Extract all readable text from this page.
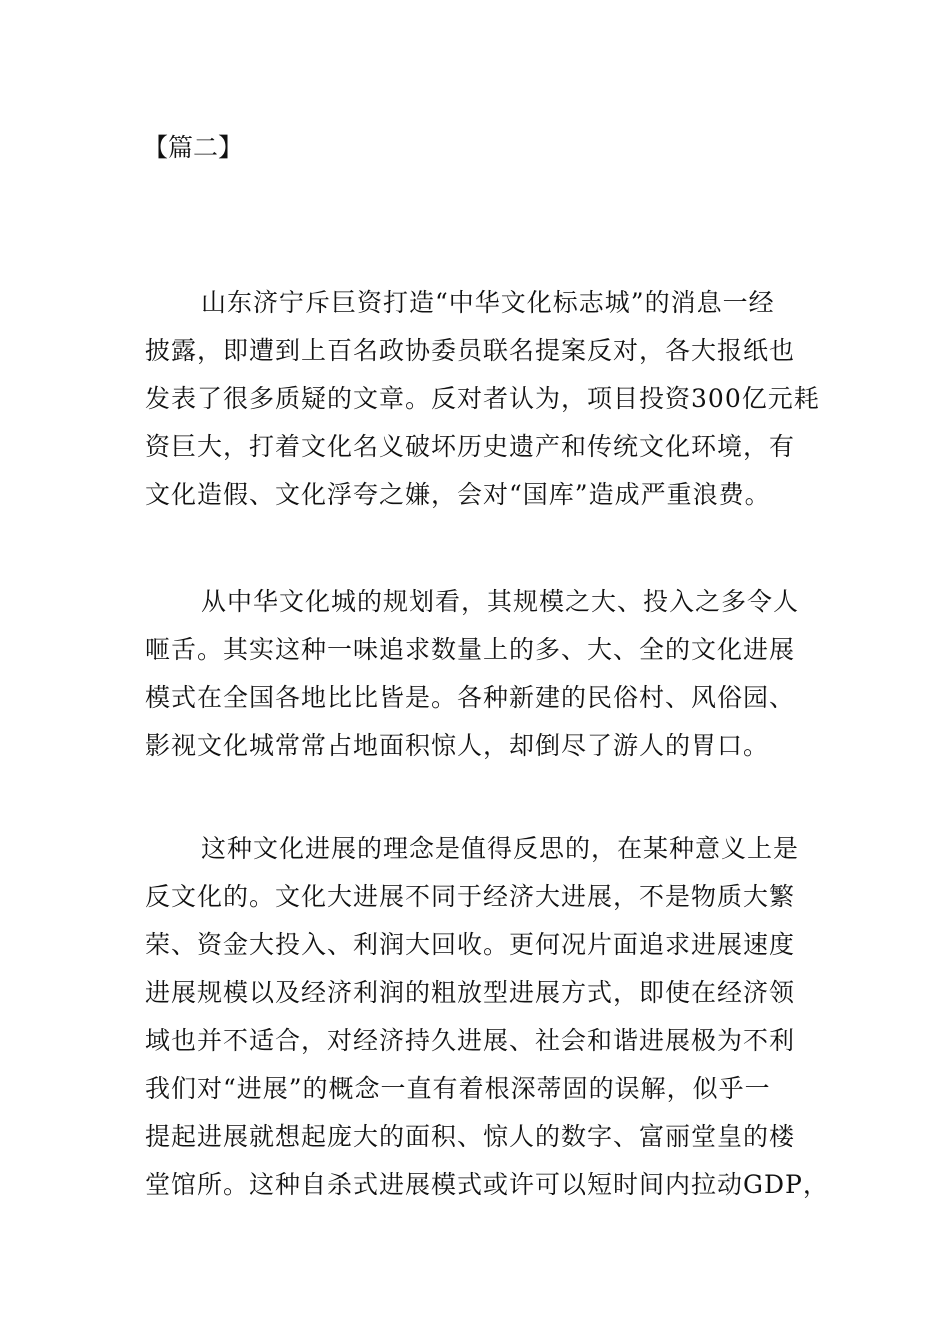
【篇二】
山东济宁斥巨资打造“中华文化标志城”的消息一经
披露，即遭到上百名政协委员联名提案反对，各大报纸也
发表了很多质疑的文章。反对者认为，项目投资300亿元耗
资巨大，打着文化名义破坏历史遗产和传统文化环境，有
文化造假、文化浮夸之嫌，会对“国库”造成严重浪费。
从中华文化城的规划看，其规模之大、投入之多令人
咂舌。其实这种一味追求数量上的多、大、全的文化进展
模式在全国各地比比皆是。各种新建的民俗村、风俗园、
影视文化城常常占地面积惊人，却倒尽了游人的胃口。
这种文化进展的理念是值得反思的，在某种意义上是
反文化的。文化大进展不同于经济大进展，不是物质大繁
荣、资金大投入、利润大回收。更何况片面追求进展速度
进展规模以及经济利润的粗放型进展方式，即使在经济领
域也并不适合，对经济持久进展、社会和谐进展极为不利
我们对“进展”的概念一直有着根深蒂固的误解，似乎一
提起进展就想起庞大的面积、惊人的数字、富丽堂皇的楼
堂馆所。这种自杀式进展模式或许可以短时间内拉动GDP，
